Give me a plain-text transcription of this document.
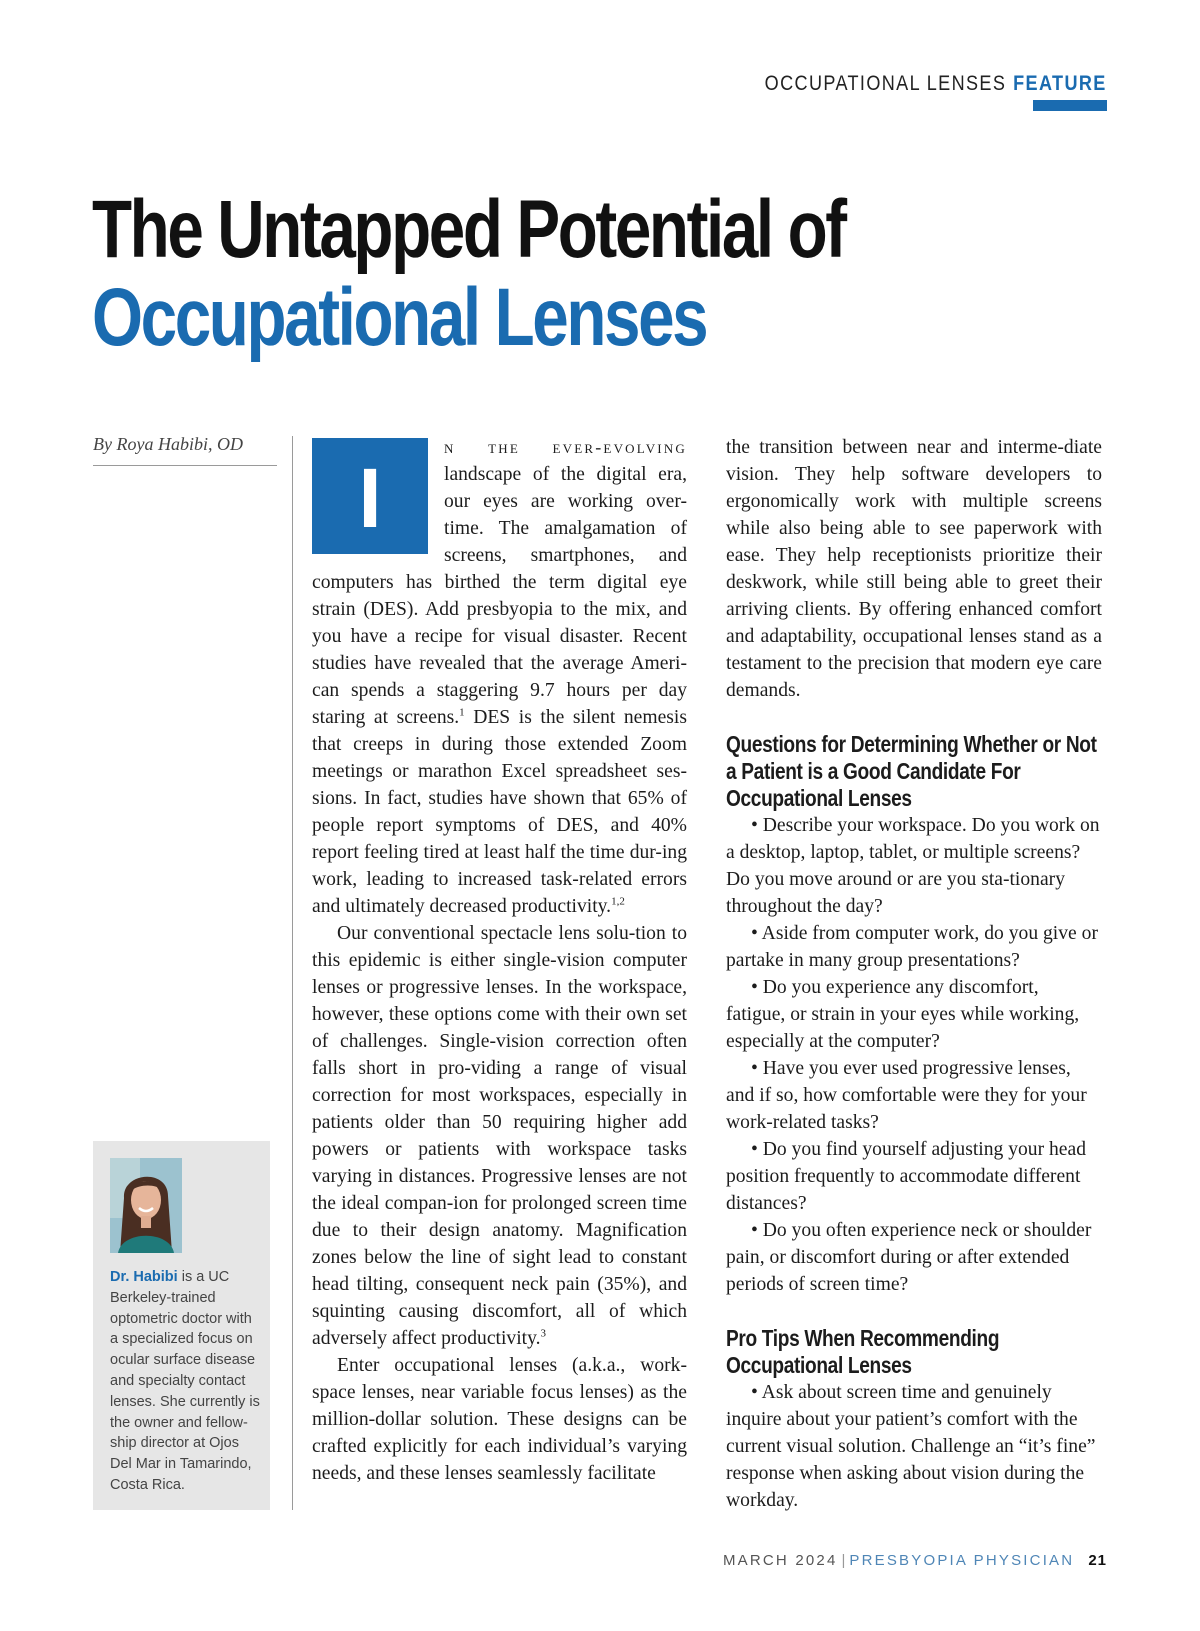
OCCUPATIONAL LENSES FEATURE
The Untapped Potential of
Occupational Lenses
By Roya Habibi, OD
Dr. Habibi is a UC Berkeley-trained optometric doctor with a specialized focus on ocular surface disease and specialty contact lenses. She currently is the owner and fellow-ship director at Ojos Del Mar in Tamarindo, Costa Rica.

I
n the ever-evolving landscape of the digital era, our eyes are working over-time. The amalgamation of screens, smartphones, and computers has birthed the term digital eye strain (DES). Add presbyopia to the mix, and you have a recipe for visual disaster. Recent studies have revealed that the average Ameri-can spends a staggering 9.7 hours per day staring at screens.$^1$ DES is the silent nemesis that creeps in during those extended Zoom meetings or marathon Excel spreadsheet ses-sions. In fact, studies have shown that 65% of people report symptoms of DES, and 40% report feeling tired at least half the time dur-ing work, leading to increased task-related errors and ultimately decreased productivity.$^{1,2}$

Our conventional spectacle lens solu-tion to this epidemic is either single-vision computer lenses or progressive lenses. In the workspace, however, these options come with their own set of challenges. Single-vision correction often falls short in pro-viding a range of visual correction for most workspaces, especially in patients older than 50 requiring higher add powers or patients with workspace tasks varying in distances. Progressive lenses are not the ideal compan-ion for prolonged screen time due to their design anatomy. Magnification zones below the line of sight lead to constant head tilting, consequent neck pain (35%), and squinting causing discomfort, all of which adversely affect productivity.$^3$

Enter occupational lenses (a.k.a., work-space lenses, near variable focus lenses) as the million-dollar solution. These designs can be crafted explicitly for each individual’s varying needs, and these lenses seamlessly facilitate

the transition between near and interme-diate vision. They help software developers to ergonomically work with multiple screens while also being able to see paperwork with ease. They help receptionists prioritize their deskwork, while still being able to greet their arriving clients. By offering enhanced comfort and adaptability, occupational lenses stand as a testament to the precision that modern eye care demands.

Questions for Determining Whether or Not a Patient is a Good Candidate For Occupational Lenses

• Describe your workspace. Do you work on a desktop, laptop, tablet, or multiple screens? Do you move around or are you sta-tionary throughout the day?

• Aside from computer work, do you give or partake in many group presentations?

• Do you experience any discomfort, fatigue, or strain in your eyes while working, especially at the computer?

• Have you ever used progressive lenses, and if so, how comfortable were they for your work-related tasks?

• Do you find yourself adjusting your head position frequently to accommodate different distances?

• Do you often experience neck or shoulder pain, or discomfort during or after extended periods of screen time?

Pro Tips When Recommending Occupational Lenses

• Ask about screen time and genuinely inquire about your patient’s comfort with the current visual solution. Challenge an “it’s fine” response when asking about vision during the workday.

MARCH 2024 | PRESBYOPIA PHYSICIAN 21
